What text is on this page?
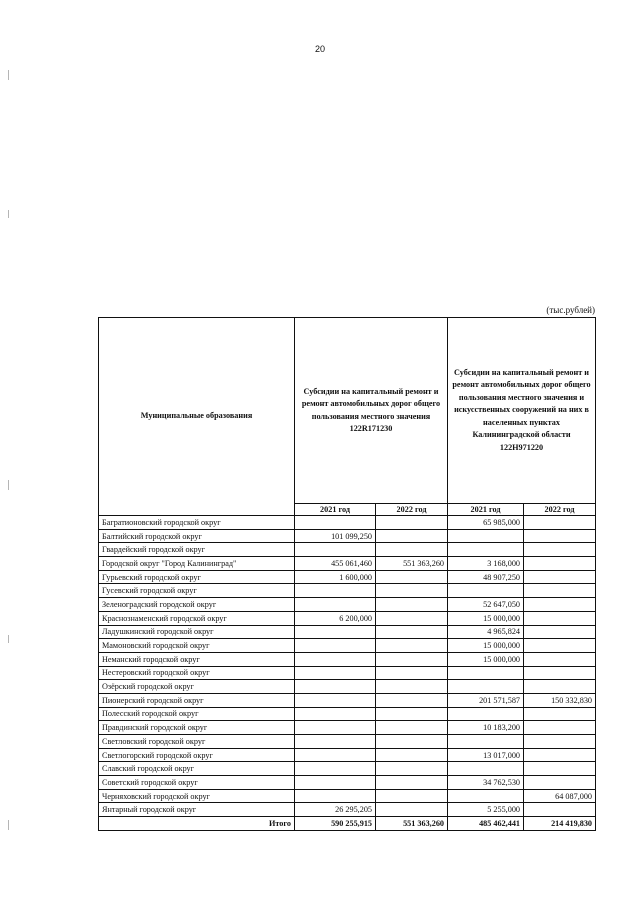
20
(тыс.рублей)
Муниципальные образования	Субсидии на капитальный ремонт и ремонт автомобильных дорог общего пользования местного значения 122R171230		Субсидии на капитальный ремонт и ремонт автомобильных дорог общего пользования местного значения и искусственных сооружений на них в населенных пунктах Калининградской области 122Н971220	
	2021 год	2022 год	2021 год	2022 год
Багратионовский городской округ			65 985,000	
Балтийский городской округ	101 099,250			
Гвардейский городской округ				
Городской округ "Город Калининград"	455 061,460	551 363,260	3 168,000	
Гурьевский городской округ	1 600,000		48 907,250	
Гусевский городской округ				
Зеленоградский городской округ			52 647,050	
Краснознаменский городской округ	6 200,000		15 000,000	
Ладушкинский городской округ			4 965,824	
Мамоновский городской округ			15 000,000	
Неманский городской округ			15 000,000	
Нестеровский городской округ				
Озёрский городской округ				
Пионерский городской округ			201 571,587	150 332,830
Полесский городской округ				
Правдинский городской округ			10 183,200	
Светловский городской округ				
Светлогорский городской округ			13 017,000	
Славский городской округ				
Советский городской округ			34 762,530	
Черняховский городской округ				64 087,000
Янтарный городской округ	26 295,205		5 255,000	
Итого	590 255,915	551 363,260	485 462,441	214 419,830
